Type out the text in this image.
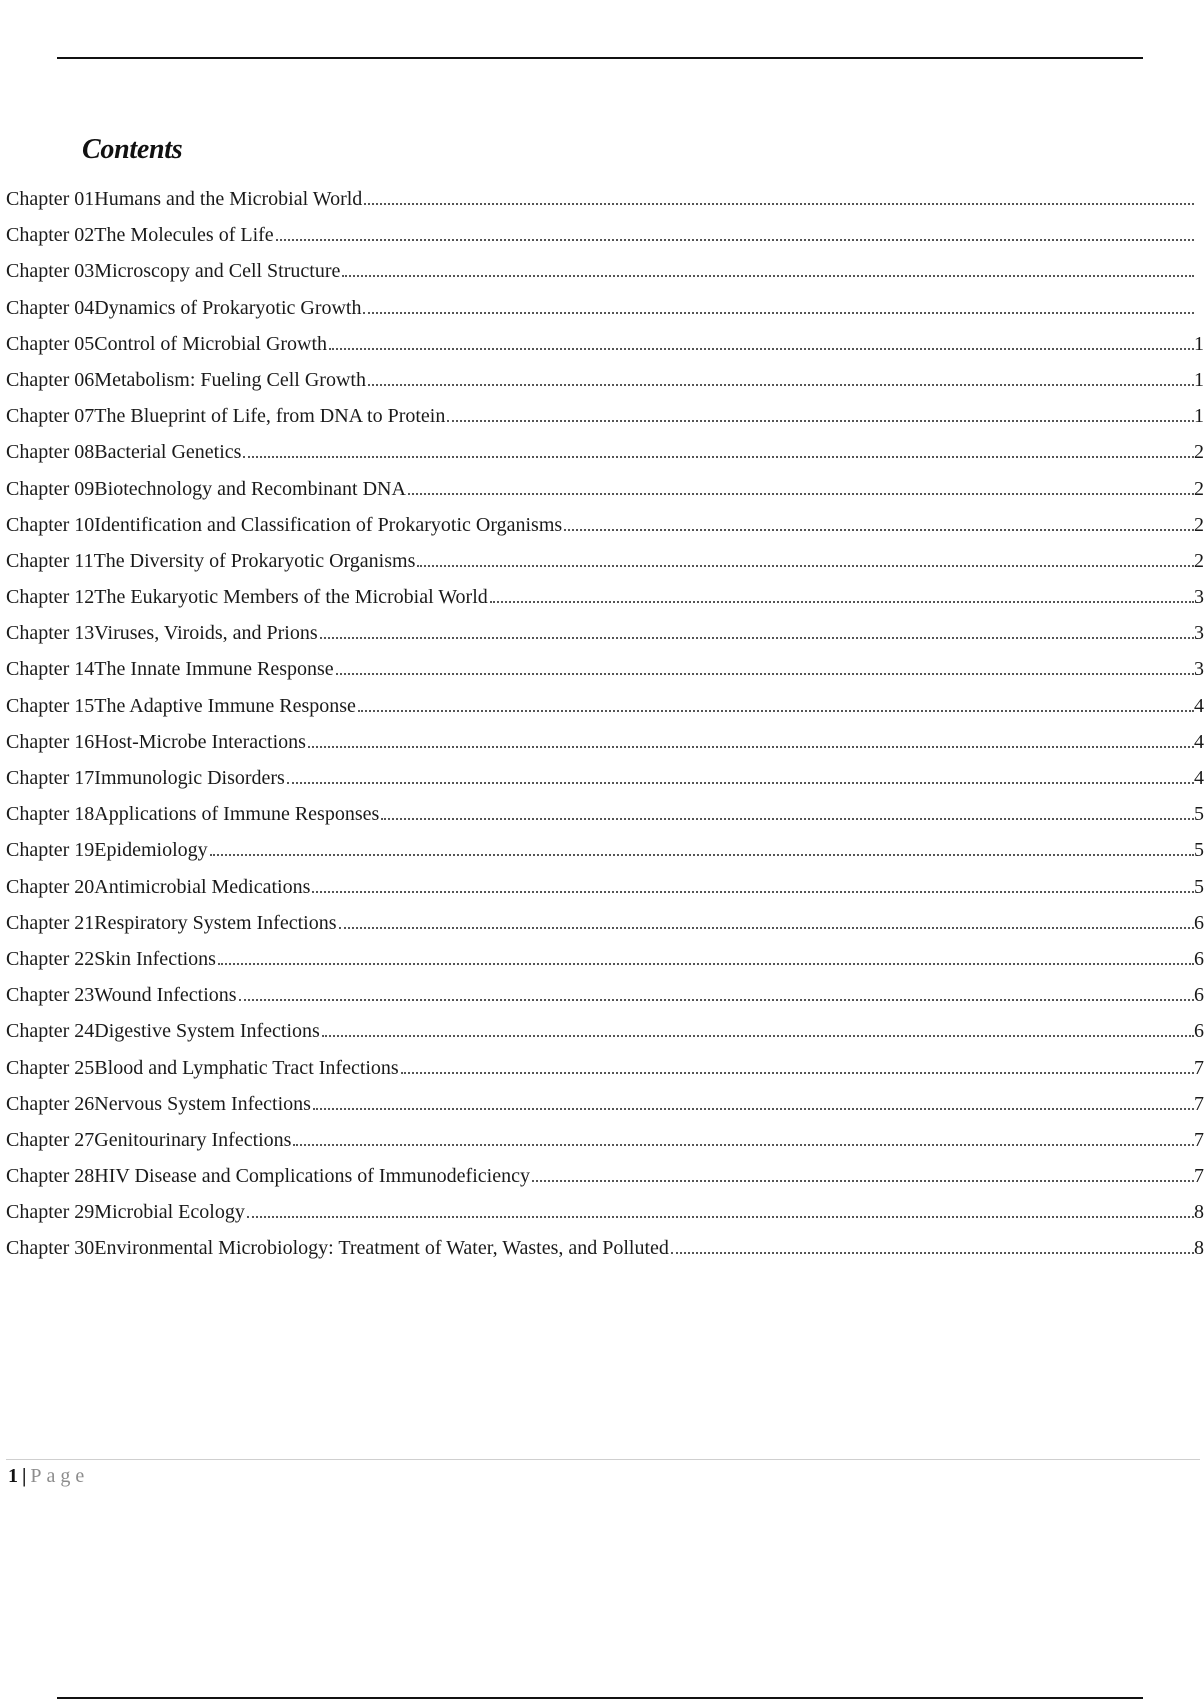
Contents
Chapter 01Humans and the Microbial World
Chapter 02The Molecules of Life
Chapter 03Microscopy and Cell Structure
Chapter 04Dynamics of Prokaryotic Growth
Chapter 05Control of Microbial Growth	1
Chapter 06Metabolism: Fueling Cell Growth	1
Chapter 07The Blueprint of Life, from DNA to Protein	1
Chapter 08Bacterial Genetics	2
Chapter 09Biotechnology and Recombinant DNA	2
Chapter 10Identification and Classification of Prokaryotic Organisms	2
Chapter 11The Diversity of Prokaryotic Organisms	2
Chapter 12The Eukaryotic Members of the Microbial World	3
Chapter 13Viruses, Viroids, and Prions	3
Chapter 14The Innate Immune Response	3
Chapter 15The Adaptive Immune Response	4
Chapter 16Host-Microbe Interactions	4
Chapter 17Immunologic Disorders	4
Chapter 18Applications of Immune Responses	5
Chapter 19Epidemiology	5
Chapter 20Antimicrobial Medications	5
Chapter 21Respiratory System Infections	6
Chapter 22Skin Infections	6
Chapter 23Wound Infections	6
Chapter 24Digestive System Infections	6
Chapter 25Blood and Lymphatic Tract Infections	7
Chapter 26Nervous System Infections	7
Chapter 27Genitourinary Infections	7
Chapter 28HIV Disease and Complications of Immunodeficiency	7
Chapter 29Microbial Ecology	8
Chapter 30Environmental Microbiology: Treatment of Water, Wastes, and Polluted	8
1 | Page
